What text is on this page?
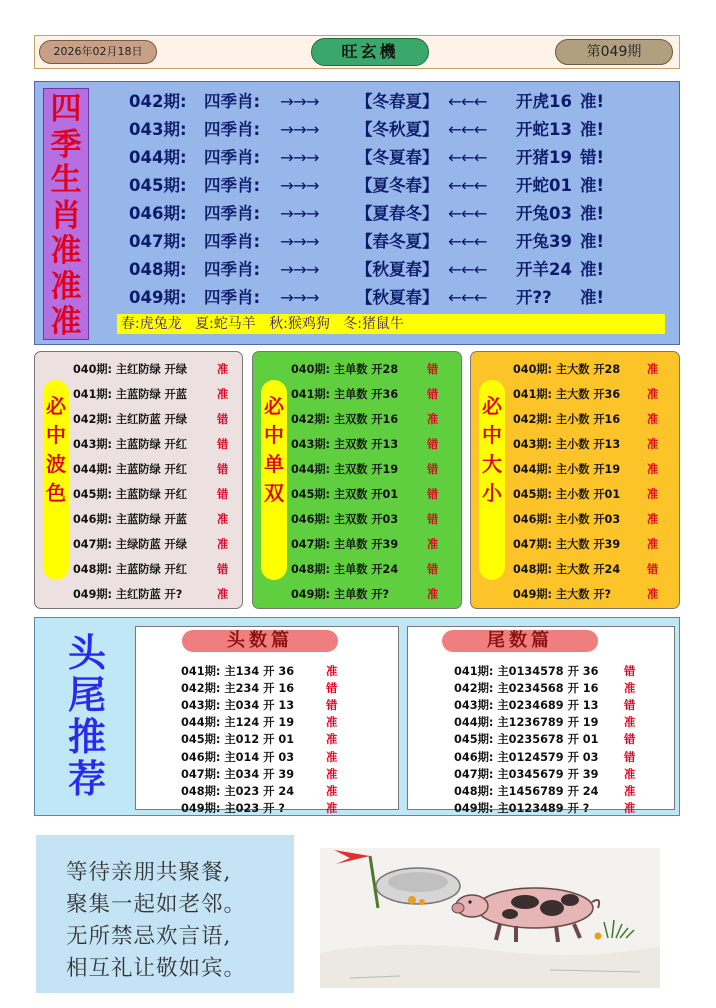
2026年02月18日	旺玄機	第049期
四
季
生
肖
准
准
准
042期: 四季肖: →→→ 【冬春夏】 ←←← 开虎16 准!
043期: 四季肖: →→→ 【冬秋夏】 ←←← 开蛇13 准!
044期: 四季肖: →→→ 【冬夏春】 ←←← 开猪19 错!
045期: 四季肖: →→→ 【夏冬春】 ←←← 开蛇01 准!
046期: 四季肖: →→→ 【夏春冬】 ←←← 开兔03 准!
047期: 四季肖: →→→ 【春冬夏】 ←←← 开兔39 准!
048期: 四季肖: →→→ 【秋夏春】 ←←← 开羊24 准!
049期: 四季肖: →→→ 【秋夏春】 ←←← 开?? 准!
春:虎兔龙   夏:蛇马羊   秋:猴鸡狗   冬:猪鼠牛
必
中
波
色
040期: 主红防绿 开绿	准
041期: 主蓝防绿 开蓝	准
042期: 主红防蓝 开绿	错
043期: 主蓝防绿 开红	错
044期: 主蓝防绿 开红	错
045期: 主蓝防绿 开红	错
046期: 主蓝防绿 开蓝	准
047期: 主绿防蓝 开绿	准
048期: 主蓝防绿 开红	错
049期: 主红防蓝 开?	准
必
中
单
双
040期: 主单数 开28	错
041期: 主单数 开36	错
042期: 主双数 开16	准
043期: 主双数 开13	错
044期: 主双数 开19	错
045期: 主双数 开01	错
046期: 主双数 开03	错
047期: 主单数 开39	准
048期: 主单数 开24	错
049期: 主单数 开?	准
必
中
大
小
040期: 主大数 开28 准
041期: 主大数 开36 准
042期: 主小数 开16 准
043期: 主小数 开13 准
044期: 主小数 开19 准
045期: 主小数 开01 准
046期: 主小数 开03 准
047期: 主大数 开39 准
048期: 主大数 开24 错
049期: 主大数 开?	准
头
尾
推
荐
头数篇
041期: 主134 开 36	准
042期: 主234 开 16	错
043期: 主034 开 13	错
044期: 主124 开 19	准
045期: 主012 开 01	准
046期: 主014 开 03	准
047期: 主034 开 39	准
048期: 主023 开 24	准
049期: 主023 开 ?	准
尾数篇
041期: 主0134578 开 36 错
042期: 主0234568 开 16 准
043期: 主0234689 开 13 错
044期: 主1236789 开 19 准
045期: 主0235678 开 01 错
046期: 主0124579 开 03 错
047期: 主0345679 开 39 准
048期: 主1456789 开 24 准
049期: 主0123489 开 ?	准
等待亲朋共聚餐,
聚集一起如老邻。
无所禁忌欢言语,
相互礼让敬如宾。
